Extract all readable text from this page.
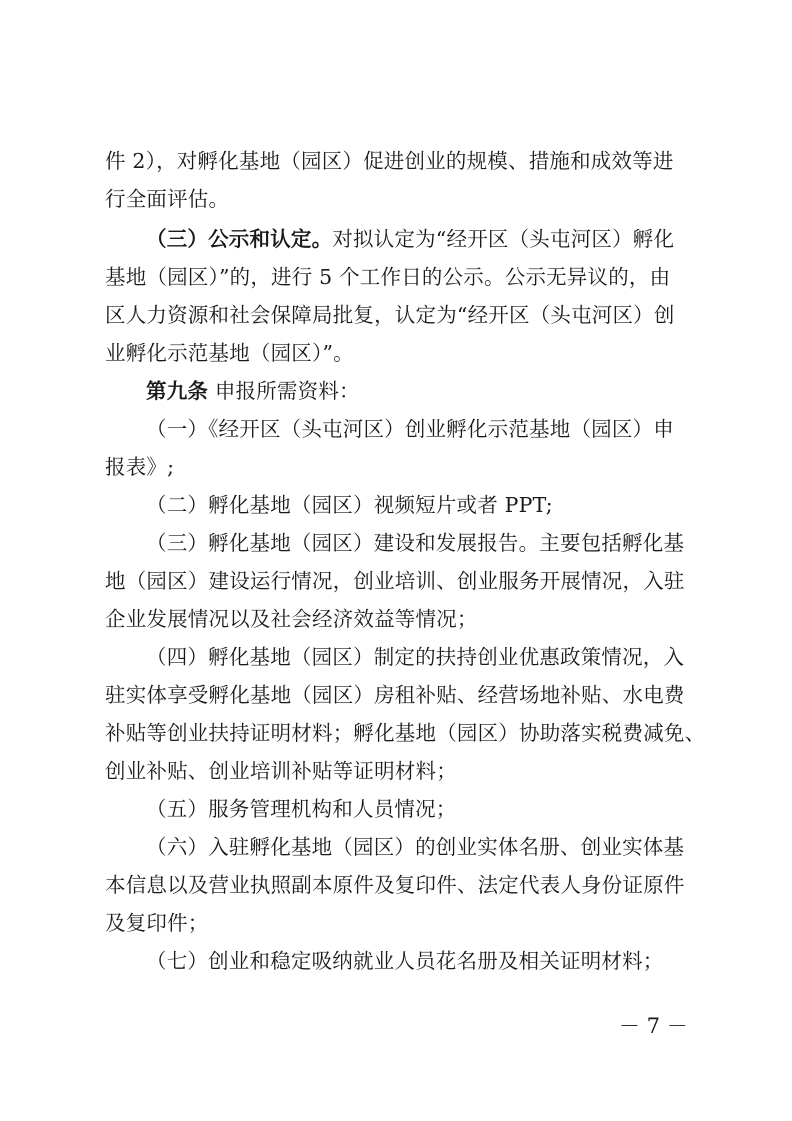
件 2），对孵化基地（园区）促进创业的规模、措施和成效等进
行全面评估。
（三）公示和认定。对拟认定为“经开区（头屯河区）孵化
基地（园区）”的，进行 5 个工作日的公示。公示无异议的，由
区人力资源和社会保障局批复，认定为“经开区（头屯河区）创
业孵化示范基地（园区）”。
第九条 申报所需资料：
（一）《经开区（头屯河区）创业孵化示范基地（园区）申
报表》;
（二）孵化基地（园区）视频短片或者 PPT;
（三）孵化基地（园区）建设和发展报告。主要包括孵化基
地（园区）建设运行情况，创业培训、创业服务开展情况，入驻
企业发展情况以及社会经济效益等情况；
（四）孵化基地（园区）制定的扶持创业优惠政策情况，入
驻实体享受孵化基地（园区）房租补贴、经营场地补贴、水电费
补贴等创业扶持证明材料；孵化基地（园区）协助落实税费减免、
创业补贴、创业培训补贴等证明材料；
（五）服务管理机构和人员情况；
（六）入驻孵化基地（园区）的创业实体名册、创业实体基
本信息以及营业执照副本原件及复印件、法定代表人身份证原件
及复印件；
（七）创业和稳定吸纳就业人员花名册及相关证明材料；
－ 7 －
